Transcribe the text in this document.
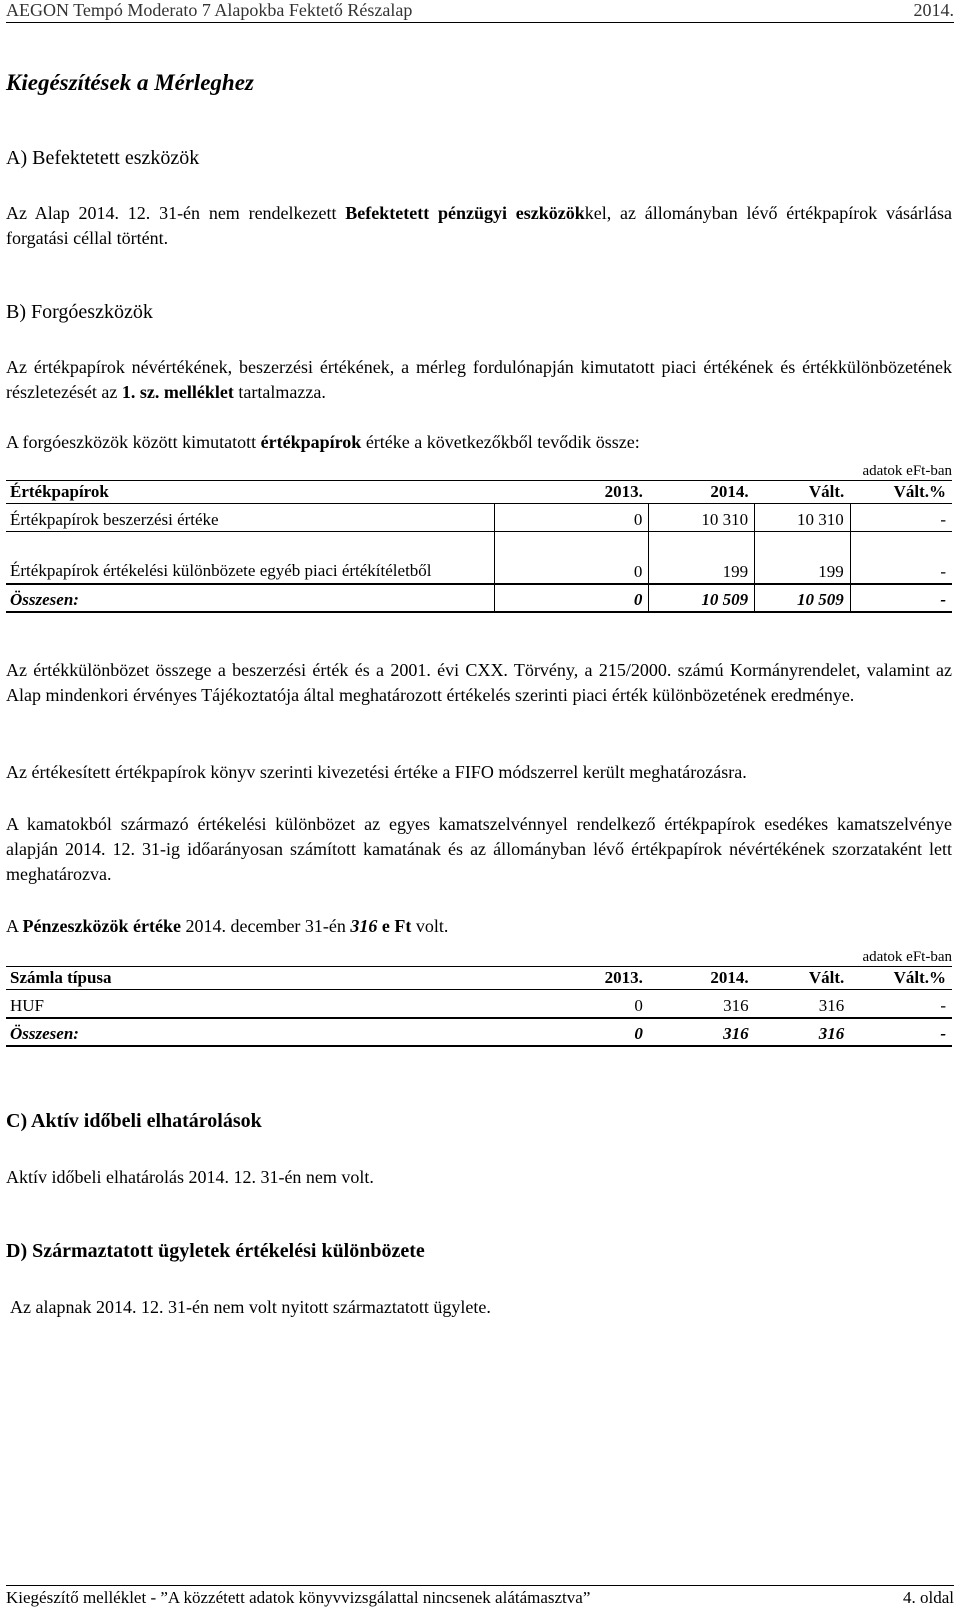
AEGON Tempó Moderato 7 Alapokba Fektető Részalap	2014.
Kiegészítések a Mérleghez
A) Befektetett eszközök

Az Alap 2014. 12. 31-én nem rendelkezett Befektetett pénzügyi eszközökkel, az állományban lévő értékpapírok vásárlása forgatási céllal történt.

B) Forgóeszközök

Az értékpapírok névértékének, beszerzési értékének, a mérleg fordulónapján kimutatott piaci értékének és értékkülönbözetének részletezését az 1. sz. melléklet tartalmazza.

A forgóeszközök között kimutatott értékpapírok értéke a következőkből tevődik össze:

adatok eFt-ban
Értékpapírok	2013.	2014.	Vált.	Vált.%
Értékpapírok beszerzési értéke	0	10 310	10 310	-
Értékpapírok értékelési különbözete egyéb piaci értékítéletből	0	199	199	-
Összesen:	0	10 509	10 509	-

Az értékkülönbözet összege a beszerzési érték és a 2001. évi CXX. Törvény, a 215/2000. számú Kormányrendelet, valamint az Alap mindenkori érvényes Tájékoztatója által meghatározott értékelés szerinti piaci érték különbözetének eredménye.

Az értékesített értékpapírok könyv szerinti kivezetési értéke a FIFO módszerrel került meghatározásra.

A kamatokból származó értékelési különbözet az egyes kamatszelvénnyel rendelkező értékpapírok esedékes kamatszelvénye alapján 2014. 12. 31-ig időarányosan számított kamatának és az állományban lévő értékpapírok névértékének szorzataként lett meghatározva.

A Pénzeszközök értéke 2014. december 31-én 316 e Ft volt.

adatok eFt-ban
Számla típusa	2013.	2014.	Vált.	Vált.%
HUF	0	316	316	-
Összesen:	0	316	316	-
C) Aktív időbeli elhatárolások

Aktív időbeli elhatárolás 2014. 12. 31-én nem volt.

D) Származtatott ügyletek értékelési különbözete

Az alapnak 2014. 12. 31-én nem volt nyitott származtatott ügylete.

Kiegészítő melléklet - ”A közzétett adatok könyvvizsgálattal nincsenek alátámasztva”	4. oldal
